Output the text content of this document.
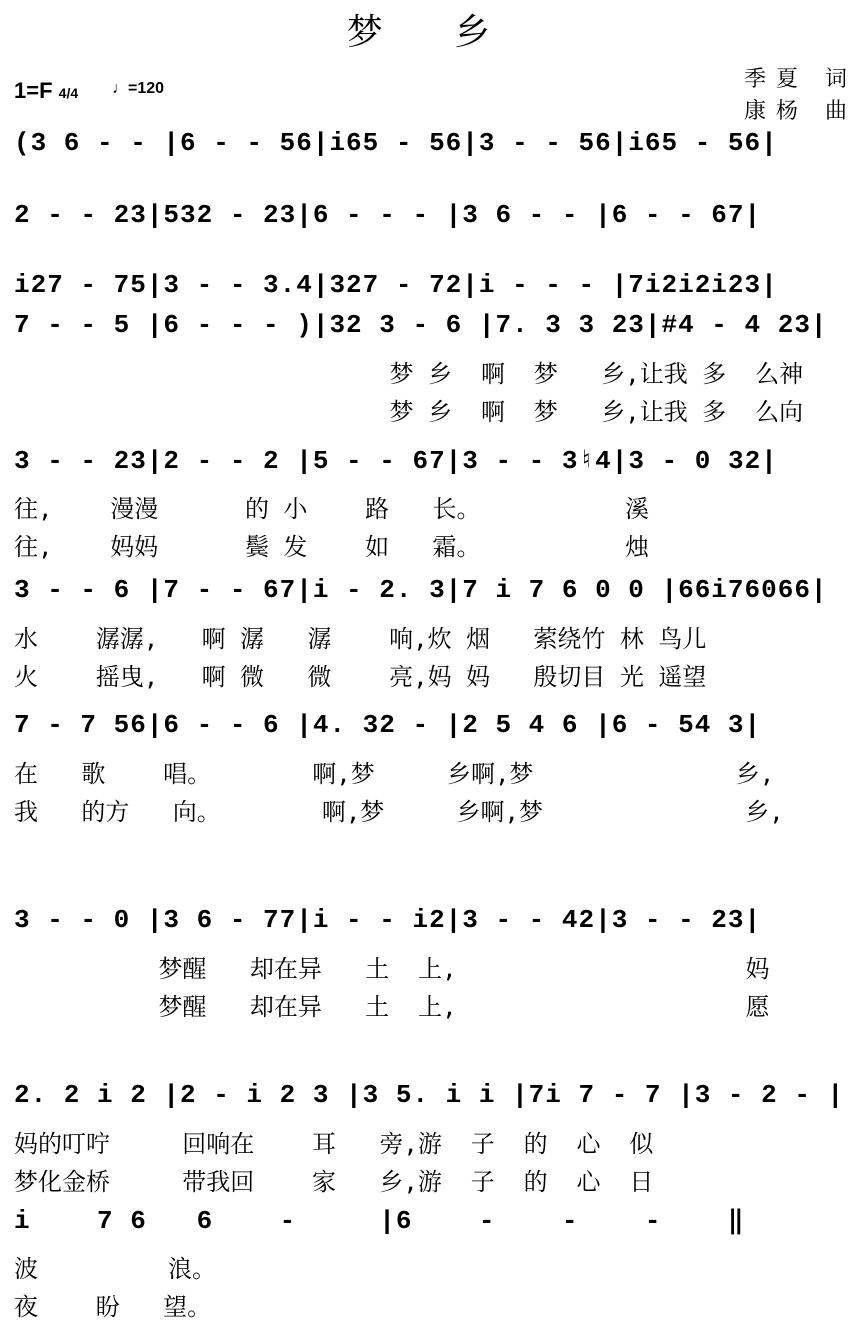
梦 乡
1=F 4/4 ♩=120	季夏 词
康杨 曲
(3 6 - - |6 - - 56|i65 - 56|3 - - 56|i65 - 56|
2 - - 23|532 - 23|6 - - - |3 6 - - |6 - - 67|
i27 - 75|3 - - 3.4|327 - 72|i - - - |7i2i2i23|
7 - - 5 |6 - - - )|32 3 - 6 |7. 3 3 23|#4 - 4 23|
梦 乡  啊  梦   乡,让我 多  么神
梦 乡  啊  梦   乡,让我 多  么向
3 - - 23|2 - - 2 |5 - - 67|3 - - 3♮4|3 - 0 32|
往,    漫漫      的 小    路   长。          溪
往,    妈妈      鬓 发    如   霜。          烛
3 - - 6 |7 - - 67|i - 2. 3|7 i 7 6 0 0 |66i76066|
水    潺潺,   啊 潺   潺    响,炊 烟   萦绕竹 林 鸟儿
火    摇曳,   啊 微   微    亮,妈 妈   殷切目 光 遥望
7 - 7 56|6 - - 6 |4. 32 - |2 5 4 6 |6 - 54 3|
在   歌    唱。       啊,梦     乡啊,梦              乡,
我   的方   向。       啊,梦     乡啊,梦              乡,
3 - - 0 |3 6 - 77|i - - i2|3 - - 42|3 - - 23|
梦醒   却在异   土  上,                    妈
梦醒   却在异   土  上,                    愿
2. 2 i 2 |2 - i 2 3 |3 5. i i |7i 7 - 7 |3 - 2 - |
妈的叮咛     回响在    耳   旁,游  子  的  心  似
梦化金桥     带我回    家   乡,游  子  的  心  日
i    7 6   6    -     |6    -    -    -    ‖
波         浪。
夜    盼   望。
